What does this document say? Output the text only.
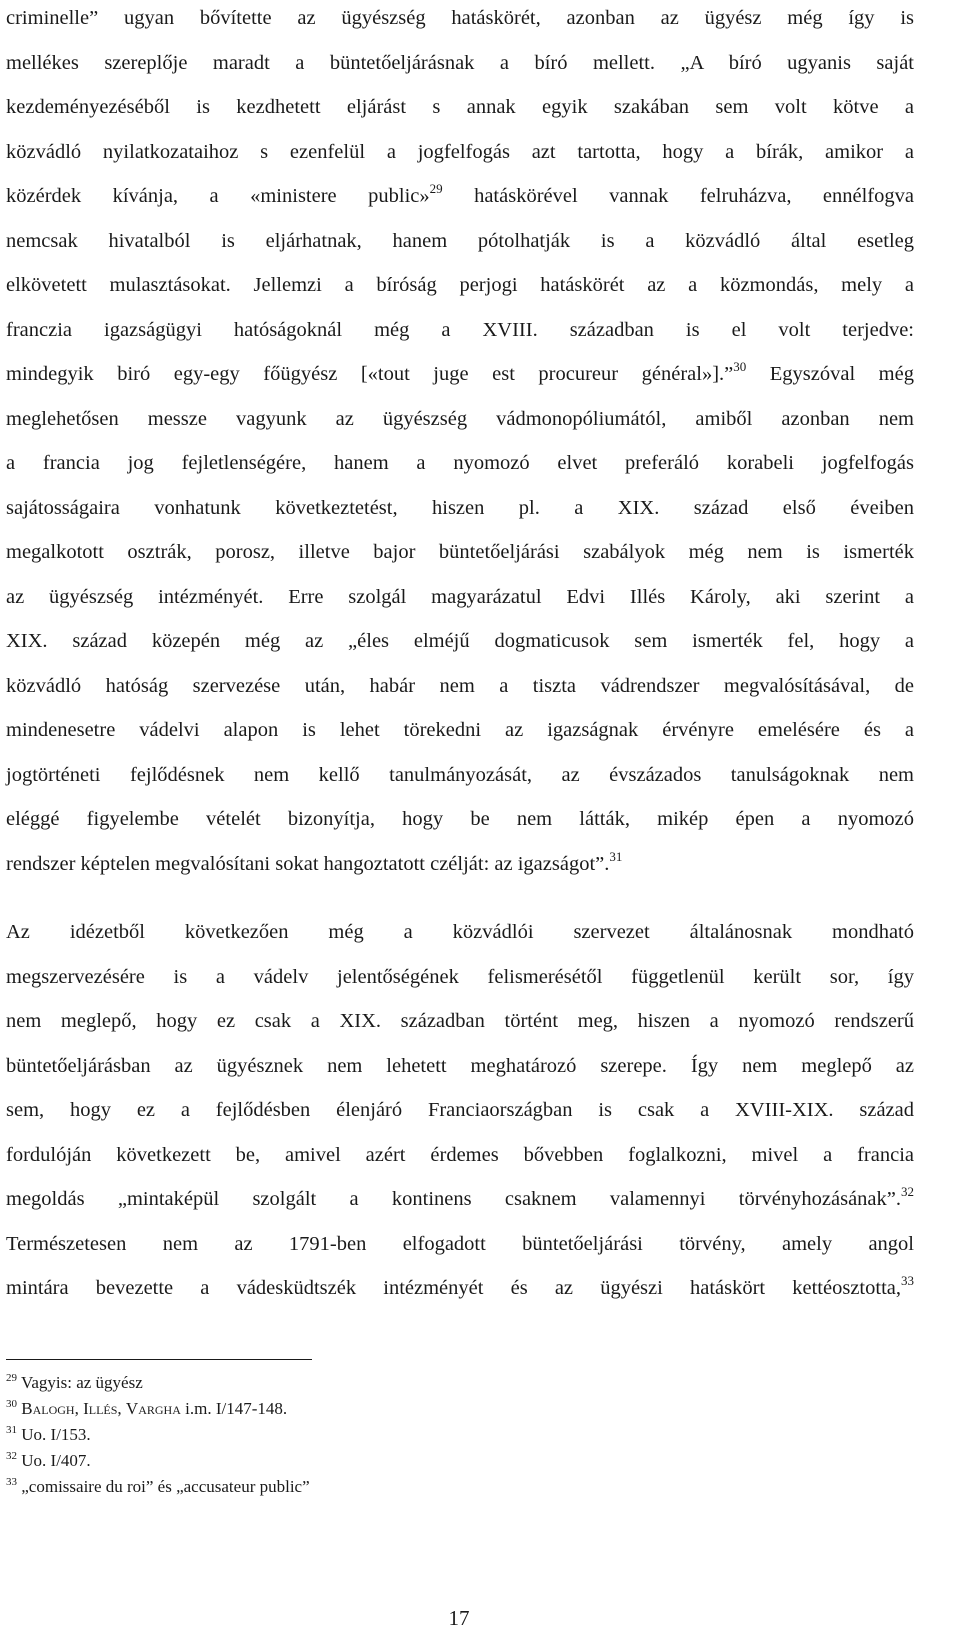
criminelle” ugyan bővítette az ügyészség hatáskörét, azonban az ügyész még így is
mellékes szereplője maradt a büntetőeljárásnak a bíró mellett. „A bíró ugyanis saját
kezdeményezéséből is kezdhetett eljárást s annak egyik szakában sem volt kötve a
közvádló nyilatkozataihoz s ezenfelül a jogfelfogás azt tartotta, hogy a bírák, amikor a
közérdek kívánja, a «ministere public»$^{29}$ hatáskörével vannak felruházva, ennélfogva
nemcsak hivatalból is eljárhatnak, hanem pótolhatják is a közvádló által esetleg
elkövetett mulasztásokat. Jellemzi a bíróság perjogi hatáskörét az a közmondás, mely a
franczia igazságügyi hatóságoknál még a XVIII. században is el volt terjedve:
mindegyik biró egy-egy főügyész [«tout juge est procureur général»].”$^{30}$ Egyszóval még
meglehetősen messze vagyunk az ügyészség vádmonopóliumától, amiből azonban nem
a francia jog fejletlenségére, hanem a nyomozó elvet preferáló korabeli jogfelfogás
sajátosságaira vonhatunk következtetést, hiszen pl. a XIX. század első éveiben
megalkotott osztrák, porosz, illetve bajor büntetőeljárási szabályok még nem is ismerték
az ügyészség intézményét. Erre szolgál magyarázatul Edvi Illés Károly, aki szerint a
XIX. század közepén még az „éles elméjű dogmaticusok sem ismerték fel, hogy a
közvádló hatóság szervezése után, habár nem a tiszta vádrendszer megvalósításával, de
mindenesetre vádelvi alapon is lehet törekedni az igazságnak érvényre emelésére és a
jogtörténeti fejlődésnek nem kellő tanulmányozását, az évszázados tanulságoknak nem
eléggé figyelembe vételét bizonyítja, hogy be nem látták, mikép épen a nyomozó
rendszer képtelen megvalósítani sokat hangoztatott czélját: az igazságot”.$^{31}$
Az idézetből következően még a közvádlói szervezet általánosnak mondható
megszervezésére is a vádelv jelentőségének felismerésétől függetlenül került sor, így
nem meglepő, hogy ez csak a XIX. században történt meg, hiszen a nyomozó rendszerű
büntetőeljárásban az ügyésznek nem lehetett meghatározó szerepe. Így nem meglepő az
sem, hogy ez a fejlődésben élenjáró Franciaországban is csak a XVIII-XIX. század
fordulóján következett be, amivel azért érdemes bővebben foglalkozni, mivel a francia
megoldás „mintaképül szolgált a kontinens csaknem valamennyi törvényhozásának”.$^{32}$
Természetesen nem az 1791-ben elfogadott büntetőeljárási törvény, amely angol
mintára bevezette a vádesküdtszék intézményét és az ügyészi hatáskört kettéosztotta,$^{33}$
$^{29}$ Vagyis: az ügyész
$^{30}$ Balogh, Illés, Vargha i.m. I/147-148.
$^{31}$ Uo. I/153.
$^{32}$ Uo. I/407.
$^{33}$ „comissaire du roi” és „accusateur public”
17
